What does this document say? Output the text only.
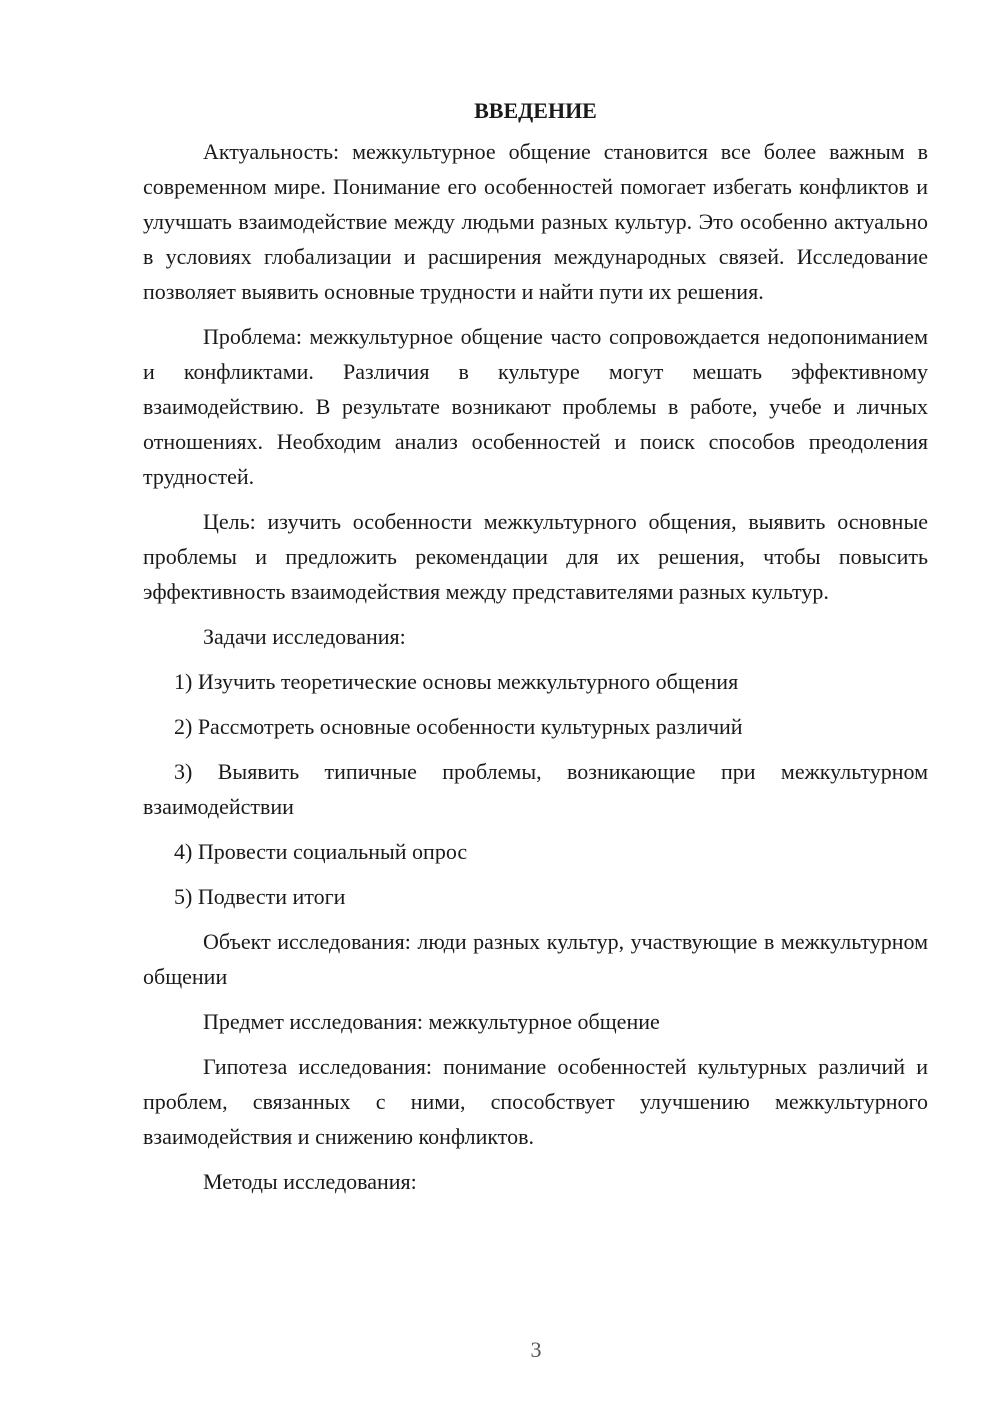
ВВЕДЕНИЕ

Актуальность: межкультурное общение становится все более важным в современном мире. Понимание его особенностей помогает избегать конфликтов и улучшать взаимодействие между людьми разных культур. Это особенно актуально в условиях глобализации и расширения международных связей. Исследование позволяет выявить основные трудности и найти пути их решения.

Проблема: межкультурное общение часто сопровождается недопониманием и конфликтами. Различия в культуре могут мешать эффективному взаимодействию. В результате возникают проблемы в работе, учебе и личных отношениях. Необходим анализ особенностей и поиск способов преодоления трудностей.

Цель: изучить особенности межкультурного общения, выявить основные проблемы и предложить рекомендации для их решения, чтобы повысить эффективность взаимодействия между представителями разных культур.

Задачи исследования:

1) Изучить теоретические основы межкультурного общения

2) Рассмотреть основные особенности культурных различий

3) Выявить типичные проблемы, возникающие при межкультурном взаимодействии

4) Провести социальный опрос

5) Подвести итоги

Объект исследования: люди разных культур, участвующие в межкультурном общении

Предмет исследования: межкультурное общение

Гипотеза исследования: понимание особенностей культурных различий и проблем, связанных с ними, способствует улучшению межкультурного взаимодействия и снижению конфликтов.

Методы исследования:

3
